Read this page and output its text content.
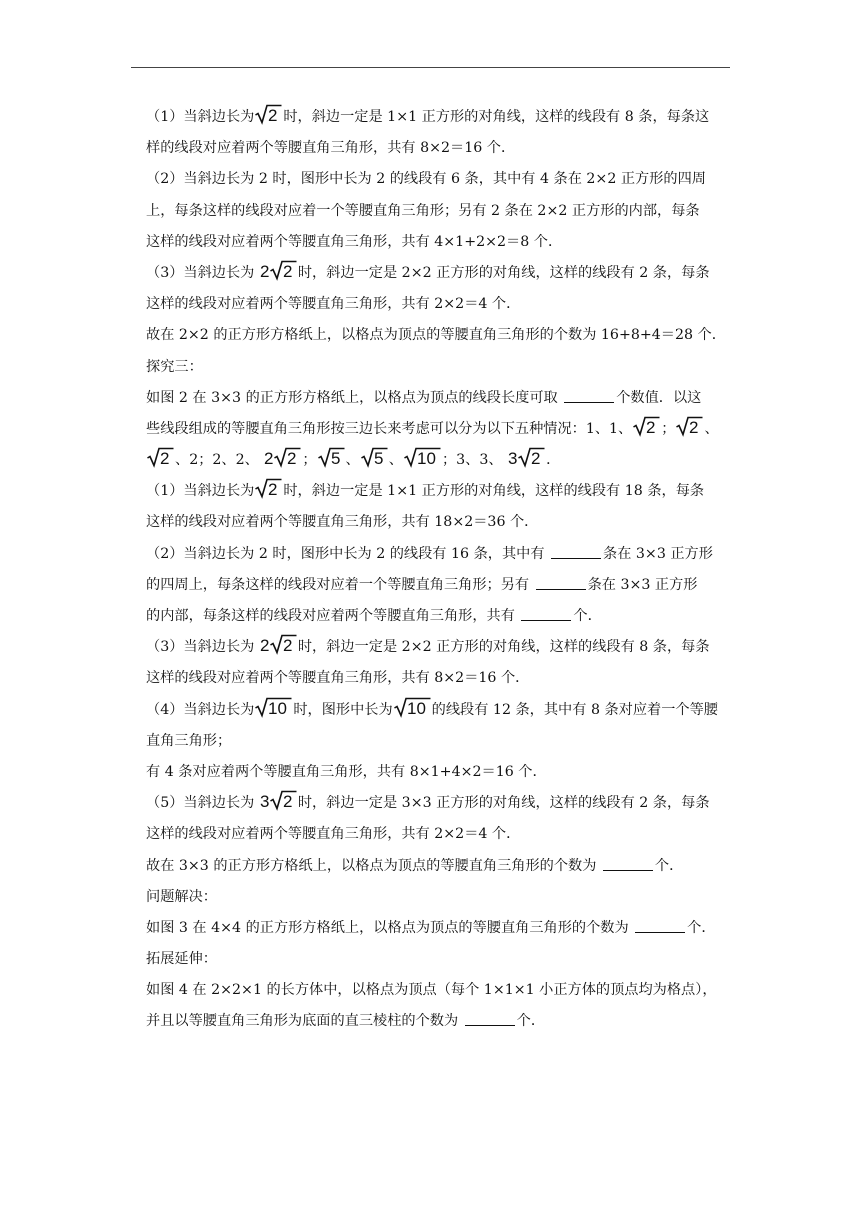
（1）当斜边长为 2 时，斜边一定是 1×1 正方形的对角线，这样的线段有 8 条，每条这
样的线段对应着两个等腰直角三角形，共有 8×2＝16 个．
（2）当斜边长为 2 时，图形中长为 2 的线段有 6 条，其中有 4 条在 2×2 正方形的四周
上，每条这样的线段对应着一个等腰直角三角形；另有 2 条在 2×2 正方形的内部，每条
这样的线段对应着两个等腰直角三角形，共有 4×1+2×2＝8 个．
（3）当斜边长为 2 2 时，斜边一定是 2×2 正方形的对角线，这样的线段有 2 条，每条
这样的线段对应着两个等腰直角三角形，共有 2×2＝4 个．
故在 2×2 的正方形方格纸上，以格点为顶点的等腰直角三角形的个数为 16+8+4＝28 个．
探究三：
如图 2 在 3×3 的正方形方格纸上，以格点为顶点的线段长度可取	个数值．以这
些线段组成的等腰直角三角形按三边长来考虑可以分为以下五种情况：1、1、 2 ； 2 、
2 、2；2、2、 2 2 ； 5 、 5 、 10 ；3、3、 3 2 ．
（1）当斜边长为 2 时，斜边一定是 1×1 正方形的对角线，这样的线段有 18 条，每条
这样的线段对应着两个等腰直角三角形，共有 18×2＝36 个．
（2）当斜边长为 2 时，图形中长为 2 的线段有 16 条，其中有	条在 3×3 正方形
的四周上，每条这样的线段对应着一个等腰直角三角形；另有	条在 3×3 正方形
的内部，每条这样的线段对应着两个等腰直角三角形，共有	个．
（3）当斜边长为 2 2 时，斜边一定是 2×2 正方形的对角线，这样的线段有 8 条，每条
这样的线段对应着两个等腰直角三角形，共有 8×2＝16 个．
（4）当斜边长为 10 时，图形中长为 10 的线段有 12 条，其中有 8 条对应着一个等腰
直角三角形；
有 4 条对应着两个等腰直角三角形，共有 8×1+4×2＝16 个．
（5）当斜边长为 3 2 时，斜边一定是 3×3 正方形的对角线，这样的线段有 2 条，每条
这样的线段对应着两个等腰直角三角形，共有 2×2＝4 个．
故在 3×3 的正方形方格纸上，以格点为顶点的等腰直角三角形的个数为	个．
问题解决：
如图 3 在 4×4 的正方形方格纸上，以格点为顶点的等腰直角三角形的个数为	个．
拓展延伸：
如图 4 在 2×2×1 的长方体中，以格点为顶点（每个 1×1×1 小正方体的顶点均为格点），
并且以等腰直角三角形为底面的直三棱柱的个数为	个．
